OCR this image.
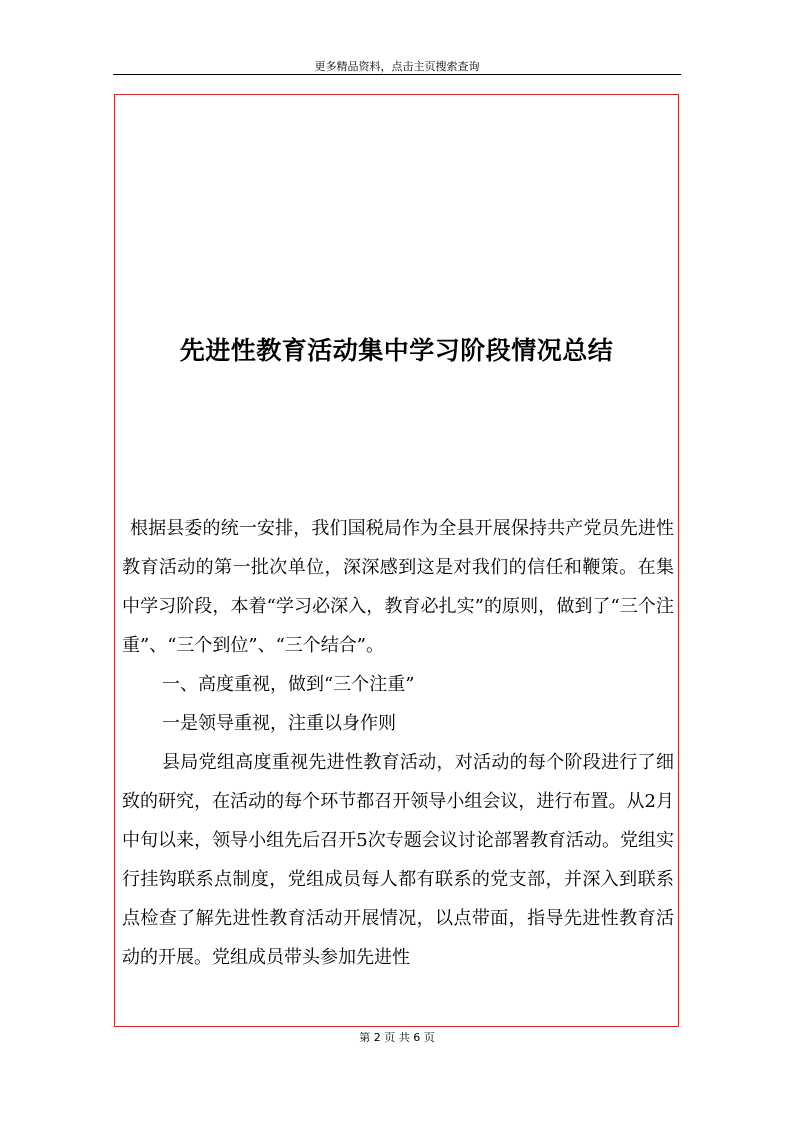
更多精品资料，点击主页搜索查询
先进性教育活动集中学习阶段情况总结

根据县委的统一安排，我们国税局作为全县开展保持共产党员先进性教育活动的第一批次单位，深深感到这是对我们的信任和鞭策。在集中学习阶段，本着“学习必深入，教育必扎实”的原则，做到了“三个注重”、“三个到位”、“三个结合”。

一、高度重视，做到“三个注重”

一是领导重视，注重以身作则

县局党组高度重视先进性教育活动，对活动的每个阶段进行了细致的研究，在活动的每个环节都召开领导小组会议，进行布置。从2月中旬以来，领导小组先后召开5次专题会议讨论部署教育活动。党组实行挂钩联系点制度，党组成员每人都有联系的党支部，并深入到联系点检查了解先进性教育活动开展情况，以点带面，指导先进性教育活动的开展。党组成员带头参加先进性

第 2 页 共 6 页
